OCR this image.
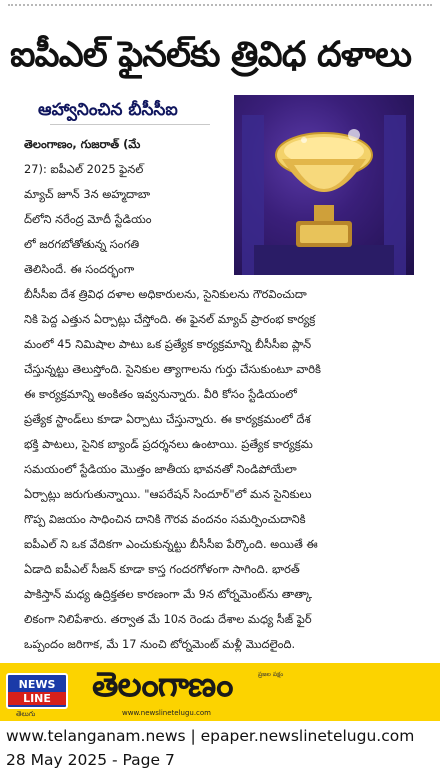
ఐపీఎల్ ఫైనల్‌కు త్రివిధ దళాలు
ఆహ్వానించిన బీసీసీఐ
తెలంగాణం, గుజరాత్ (మే
27): ఐపీఎల్ 2025 ఫైనల్
మ్యాచ్ జూన్ 3న అహ్మదాబా
ద్‌లోని నరేంద్ర మోదీ స్టేడియం
లో జరగబోతోతున్న సంగతి
తెలిసిందే. ఈ సందర్భంగా
బీసీసీఐ దేశ త్రివిధ దళాల అధికారులను, సైనికులను గౌరవించుదా
నికి పెద్ద ఎత్తున ఏర్పాట్లు చేస్తోంది. ఈ ఫైనల్ మ్యాచ్ ప్రారంభ కార్యక్ర
మంలో 45 నిమిషాల పాటు ఒక ప్రత్యేక కార్యక్రమాన్ని బీసీసీఐ ప్లాన్
చేస్తున్నట్టు తెలుస్తోంది. సైనికుల త్యాగాలను గుర్తు చేసుకుంటూ వారికి
ఈ కార్యక్రమాన్ని అంకితం ఇవ్వనున్నారు. వీరి కోసం స్టేడియంలో
ప్రత్యేక స్టాండ్‌లు కూడా ఏర్పాటు చేస్తున్నారు. ఈ కార్యక్రమంలో దేశ
భక్తి పాటలు, సైనిక బ్యాండ్ ప్రదర్శనలు ఉంటాయి. ప్రత్యేక కార్యక్రమ
సమయంలో స్టేడియం మొత్తం జాతీయ భావనతో నిండిపోయేలా
ఏర్పాట్లు జరుగుతున్నాయి. "ఆపరేషన్ సిందూర్"లో మన సైనికులు
గొప్ప విజయం సాధించిన దానికి గౌరవ వందనం సమర్పించుదానికి
ఐపీఎల్ ని ఒక వేదికగా ఎంచుకున్నట్టు బీసీసీఐ పేర్కొంది. అయితే ఈ
ఏడాది ఐపీఎల్ సీజన్ కూడా కాస్త గందరగోళంగా సాగింది. భారత్
పాకిస్తాన్ మధ్య ఉద్రిక్తతల కారణంగా మే 9న టోర్నమెంట్‌ను తాత్కా
లికంగా నిలిపేశారు. తర్వాత మే 10న రెండు దేశాల మధ్య సీజ్ ఫైర్
ఒప్పందం జరిగాక, మే 17 నుంచి టోర్నమెంట్ మళ్లీ మొదలైంది.
NEWS
LINE
తెలుగు
తెలంగాణం	ప్రజల పక్షం
www.newslinetelugu.com
www.telanganam.news | epaper.newslinetelugu.com
28 May 2025 - Page 7
